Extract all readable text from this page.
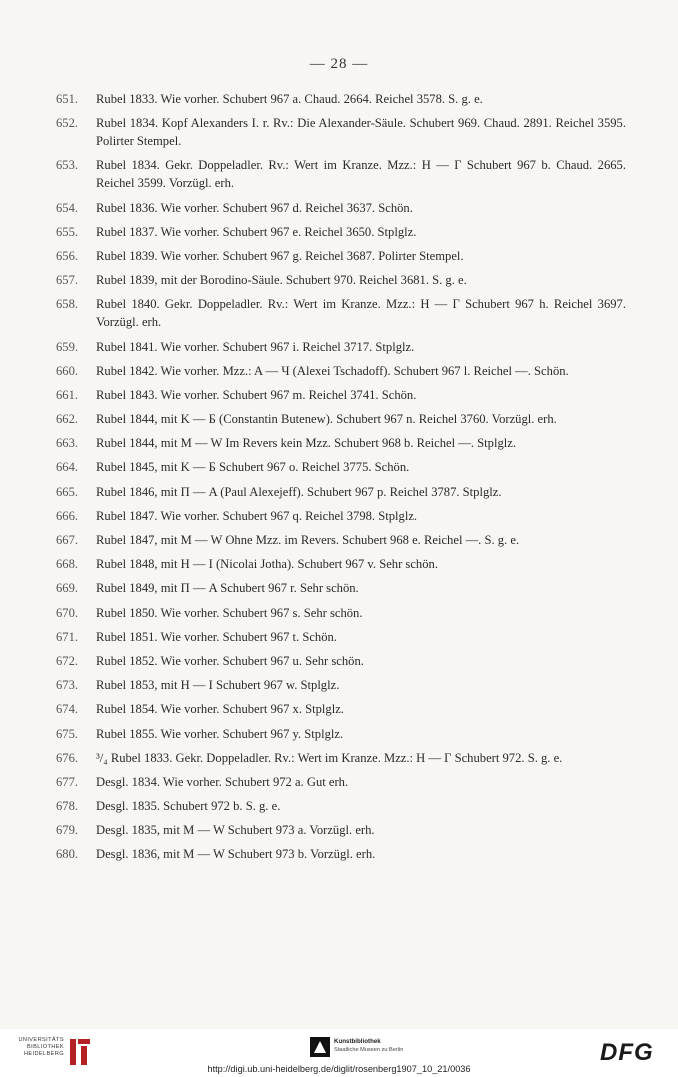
— 28 —
651.	Rubel 1833. Wie vorher. Schubert 967 a. Chaud. 2664. Reichel 3578. S. g. e.
652.	Rubel 1834. Kopf Alexanders I. r. Rv.: Die Alexander-Säule. Schubert 969. Chaud. 2891. Reichel 3595. Polirter Stempel.
653.	Rubel 1834. Gekr. Doppeladler. Rv.: Wert im Kranze. Mzz.: H — Г Schubert 967 b. Chaud. 2665. Reichel 3599. Vorzügl. erh.
654.	Rubel 1836. Wie vorher. Schubert 967 d. Reichel 3637. Schön.
655.	Rubel 1837. Wie vorher. Schubert 967 e. Reichel 3650. Stplglz.
656.	Rubel 1839. Wie vorher. Schubert 967 g. Reichel 3687. Polirter Stempel.
657.	Rubel 1839, mit der Borodino-Säule. Schubert 970. Reichel 3681. S. g. e.
658.	Rubel 1840. Gekr. Doppeladler. Rv.: Wert im Kranze. Mzz.: H — Г Schubert 967 h. Reichel 3697. Vorzügl. erh.
659.	Rubel 1841. Wie vorher. Schubert 967 i. Reichel 3717. Stplglz.
660.	Rubel 1842. Wie vorher. Mzz.: A — Ч (Alexei Tschadoff). Schubert 967 l. Reichel —. Schön.
661.	Rubel 1843. Wie vorher. Schubert 967 m. Reichel 3741. Schön.
662.	Rubel 1844, mit K — Б (Constantin Butenew). Schubert 967 n. Reichel 3760. Vorzügl. erh.
663.	Rubel 1844, mit M — W Im Revers kein Mzz. Schubert 968 b. Reichel —. Stplglz.
664.	Rubel 1845, mit K — Б Schubert 967 o. Reichel 3775. Schön.
665.	Rubel 1846, mit П — A (Paul Alexejeff). Schubert 967 p. Reichel 3787. Stplglz.
666.	Rubel 1847. Wie vorher. Schubert 967 q. Reichel 3798. Stplglz.
667.	Rubel 1847, mit M — W Ohne Mzz. im Revers. Schubert 968 e. Reichel —. S. g. e.
668.	Rubel 1848, mit H — I (Nicolai Jotha). Schubert 967 v. Sehr schön.
669.	Rubel 1849, mit П — A Schubert 967 r. Sehr schön.
670.	Rubel 1850. Wie vorher. Schubert 967 s. Sehr schön.
671.	Rubel 1851. Wie vorher. Schubert 967 t. Schön.
672.	Rubel 1852. Wie vorher. Schubert 967 u. Sehr schön.
673.	Rubel 1853, mit H — I Schubert 967 w. Stplglz.
674.	Rubel 1854. Wie vorher. Schubert 967 x. Stplglz.
675.	Rubel 1855. Wie vorher. Schubert 967 y. Stplglz.
676.	³/₄ Rubel 1833. Gekr. Doppeladler. Rv.: Wert im Kranze. Mzz.: H — Г Schubert 972. S. g. e.
677.	Desgl. 1834. Wie vorher. Schubert 972 a. Gut erh.
678.	Desgl. 1835. Schubert 972 b. S. g. e.
679.	Desgl. 1835, mit M — W Schubert 973 a. Vorzügl. erh.
680.	Desgl. 1836, mit M — W Schubert 973 b. Vorzügl. erh.
UNIVERSITÄTS
BIBLIOTHEK
HEIDELBERG
Kunstbibliothek
Staatliche Museen zu Berlin	DFG
http://digi.ub.uni-heidelberg.de/diglit/rosenberg1907_10_21/0036
